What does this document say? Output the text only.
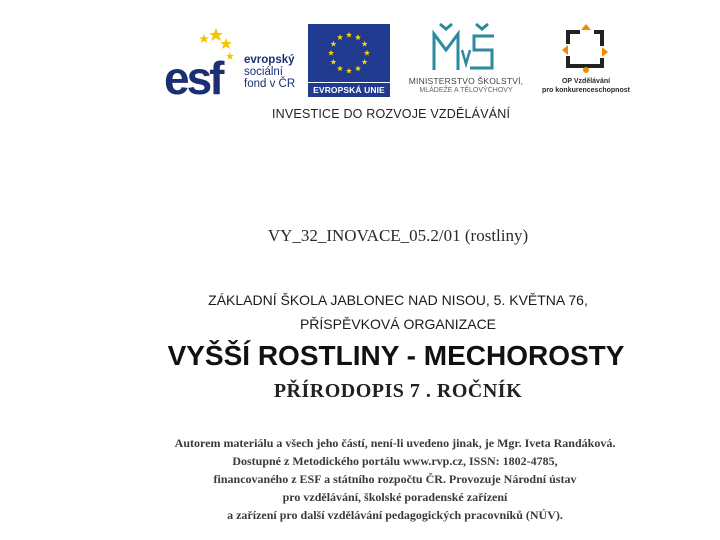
esf	evropský
sociální
fond v ČR	EVROPSKÁ UNIE
MINISTERSTVO ŠKOLSTVÍ,
MLÁDEŽE A TĚLOVÝCHOVY
OP Vzdělávání
pro konkurenceschopnost
INVESTICE DO ROZVOJE VZDĚLÁVÁNÍ
VY_32_INOVACE_05.2/01 (rostliny)
ZÁKLADNÍ ŠKOLA JABLONEC NAD NISOU, 5. KVĚTNA 76,
PŘÍSPĚVKOVÁ ORGANIZACE
VYŠŠÍ ROSTLINY - MECHOROSTY
PŘÍRODOPIS 7 . ROČNÍK
Autorem materiálu a všech jeho částí, není-li uvedeno jinak, je Mgr. Iveta Randáková.
Dostupné z Metodického portálu www.rvp.cz, ISSN: 1802-4785,
financovaného z ESF a státního rozpočtu ČR. Provozuje Národní ústav
pro vzdělávání, školské poradenské zařízení
a zařízení pro další vzdělávání pedagogických pracovníků (NÚV).
